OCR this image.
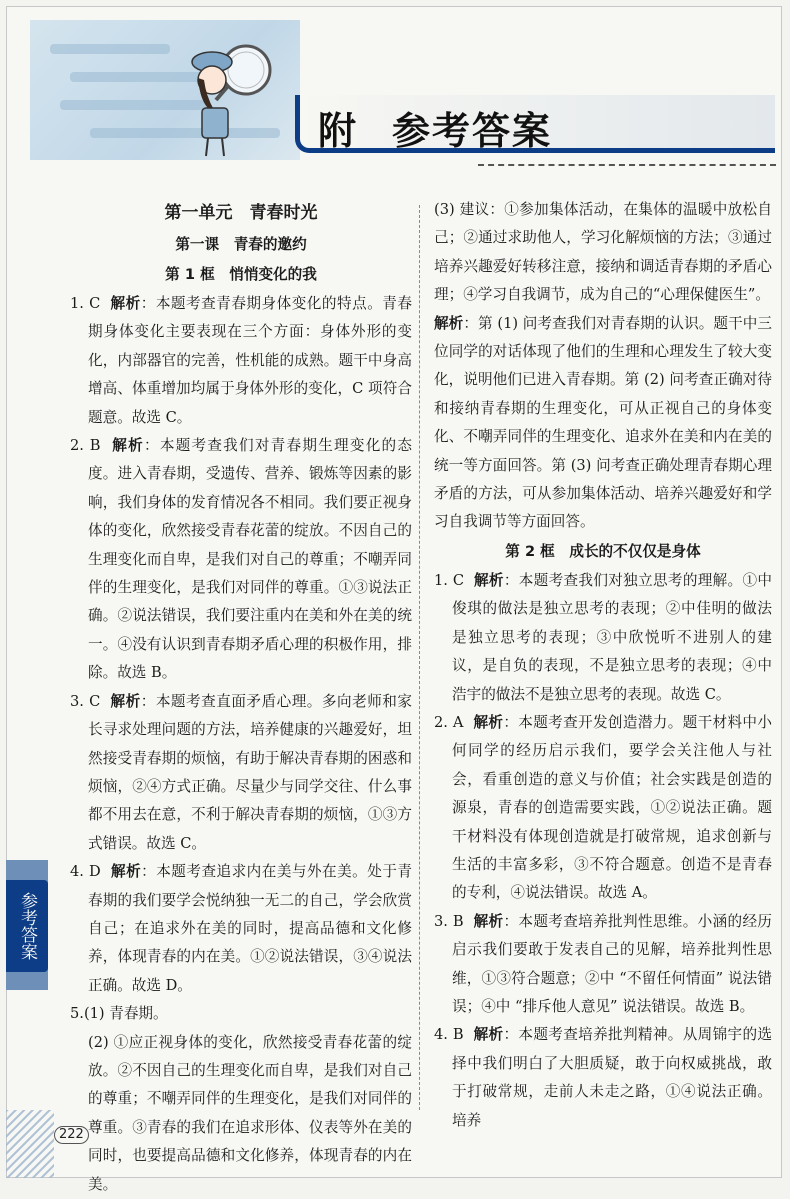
附 参考答案

第一单元　青春时光

第一课　青春的邀约

第 1 框　悄悄变化的我

1. C 解析：本题考查青春期身体变化的特点。青春期身体变化主要表现在三个方面：身体外形的变化，内部器官的完善，性机能的成熟。题干中身高增高、体重增加均属于身体外形的变化，C 项符合题意。故选 C。

2. B 解析：本题考查我们对青春期生理变化的态度。进入青春期，受遗传、营养、锻炼等因素的影响，我们身体的发育情况各不相同。我们要正视身体的变化，欣然接受青春花蕾的绽放。不因自己的生理变化而自卑，是我们对自己的尊重；不嘲弄同伴的生理变化，是我们对同伴的尊重。①③说法正确。②说法错误，我们要注重内在美和外在美的统一。④没有认识到青春期矛盾心理的积极作用，排除。故选 B。

3. C 解析：本题考查直面矛盾心理。多向老师和家长寻求处理问题的方法，培养健康的兴趣爱好，坦然接受青春期的烦恼，有助于解决青春期的困惑和烦恼，②④方式正确。尽量少与同学交往、什么事都不用去在意，不利于解决青春期的烦恼，①③方式错误。故选 C。

4. D 解析：本题考查追求内在美与外在美。处于青春期的我们要学会悦纳独一无二的自己，学会欣赏自己；在追求外在美的同时，提高品德和文化修养，体现青春的内在美。①②说法错误，③④说法正确。故选 D。

5.(1) 青春期。

(2) ①应正视身体的变化，欣然接受青春花蕾的绽放。②不因自己的生理变化而自卑，是我们对自己的尊重；不嘲弄同伴的生理变化，是我们对同伴的尊重。③青春的我们在追求形体、仪表等外在美的同时，也要提高品德和文化修养，体现青春的内在美。

(3) 建议：①参加集体活动，在集体的温暖中放松自己；②通过求助他人，学习化解烦恼的方法；③通过培养兴趣爱好转移注意，接纳和调适青春期的矛盾心理；④学习自我调节，成为自己的“心理保健医生”。

解析：第 (1) 问考查我们对青春期的认识。题干中三位同学的对话体现了他们的生理和心理发生了较大变化，说明他们已进入青春期。第 (2) 问考查正确对待和接纳青春期的生理变化，可从正视自己的身体变化、不嘲弄同伴的生理变化、追求外在美和内在美的统一等方面回答。第 (3) 问考查正确处理青春期心理矛盾的方法，可从参加集体活动、培养兴趣爱好和学习自我调节等方面回答。

第 2 框　成长的不仅仅是身体

1. C 解析：本题考查我们对独立思考的理解。①中俊琪的做法是独立思考的表现；②中佳明的做法是独立思考的表现；③中欣悦听不进别人的建议，是自负的表现，不是独立思考的表现；④中浩宇的做法不是独立思考的表现。故选 C。

2. A 解析：本题考查开发创造潜力。题干材料中小何同学的经历启示我们，要学会关注他人与社会，看重创造的意义与价值；社会实践是创造的源泉，青春的创造需要实践，①②说法正确。题干材料没有体现创造就是打破常规，追求创新与生活的丰富多彩，③不符合题意。创造不是青春的专利，④说法错误。故选 A。

3. B 解析：本题考查培养批判性思维。小涵的经历启示我们要敢于发表自己的见解，培养批判性思维，①③符合题意；②中 “不留任何情面” 说法错误；④中 “排斥他人意见” 说法错误。故选 B。

4. B 解析：本题考查培养批判精神。从周锦宇的选择中我们明白了大胆质疑，敢于向权威挑战，敢于打破常规，走前人未走之路，①④说法正确。培养

参考答案
222
